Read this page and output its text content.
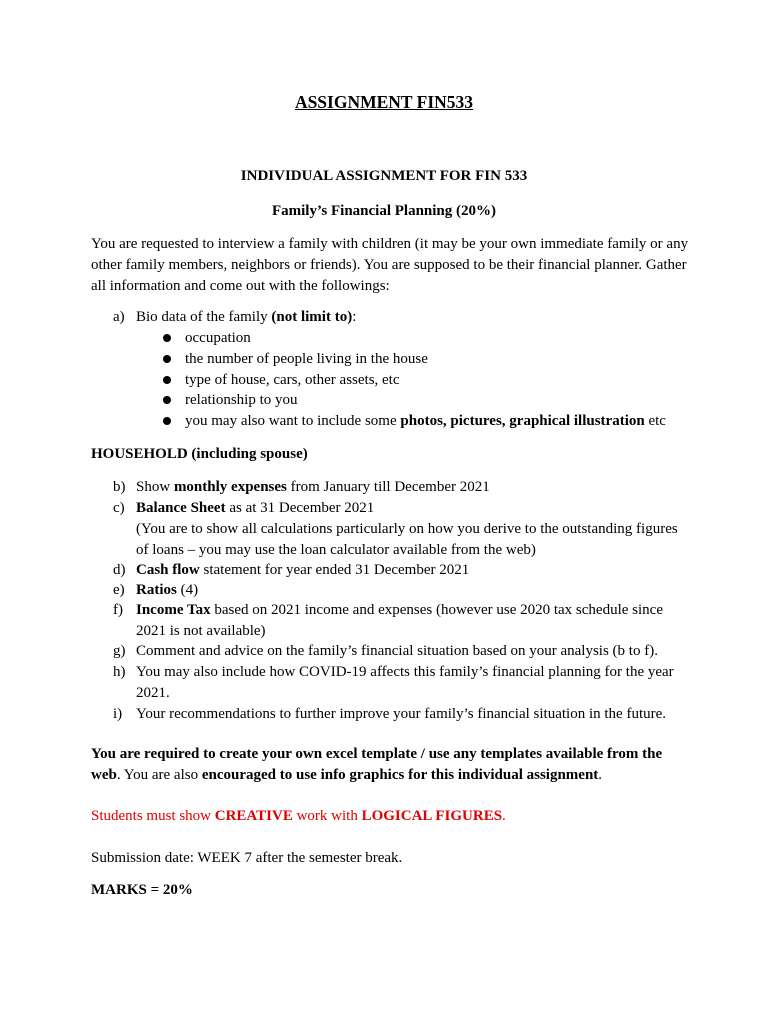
ASSIGNMENT FIN533
INDIVIDUAL ASSIGNMENT FOR FIN 533
Family’s Financial Planning (20%)
You are requested to interview a family with children (it may be your own immediate family or any other family members, neighbors or friends). You are supposed to be their financial planner. Gather all information and come out with the followings:
a) Bio data of the family (not limit to):
occupation
the number of people living in the house
type of house, cars, other assets, etc
relationship to you
you may also want to include some photos, pictures, graphical illustration etc
HOUSEHOLD (including spouse)
b) Show monthly expenses from January till December 2021
c) Balance Sheet as at 31 December 2021
(You are to show all calculations particularly on how you derive to the outstanding figures of loans – you may use the loan calculator available from the web)
d) Cash flow statement for year ended 31 December 2021
e) Ratios (4)
f) Income Tax based on 2021 income and expenses (however use 2020 tax schedule since 2021 is not available)
g) Comment and advice on the family’s financial situation based on your analysis (b to f).
h) You may also include how COVID-19 affects this family’s financial planning for the year 2021.
i) Your recommendations to further improve your family’s financial situation in the future.
You are required to create your own excel template / use any templates available from the web. You are also encouraged to use info graphics for this individual assignment.
Students must show CREATIVE work with LOGICAL FIGURES.
Submission date: WEEK 7 after the semester break.
MARKS = 20%
